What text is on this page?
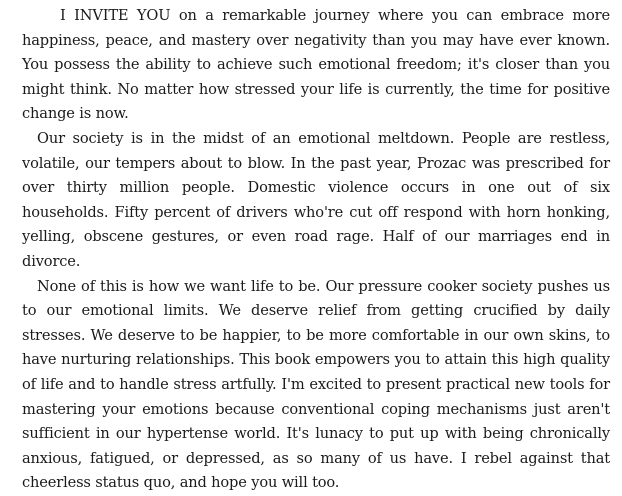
I INVITE YOU on a remarkable journey where you can embrace more happiness, peace, and mastery over negativity than you may have ever known. You possess the ability to achieve such emotional freedom; it's closer than you might think. No matter how stressed your life is currently, the time for positive change is now.

Our society is in the midst of an emotional meltdown. People are restless, volatile, our tempers about to blow. In the past year, Prozac was prescribed for over thirty million people. Domestic violence occurs in one out of six households. Fifty percent of drivers who're cut off respond with horn honking, yelling, obscene gestures, or even road rage. Half of our marriages end in divorce.

None of this is how we want life to be. Our pressure cooker society pushes us to our emotional limits. We deserve relief from getting crucified by daily stresses. We deserve to be happier, to be more comfortable in our own skins, to have nurturing relationships. This book empowers you to attain this high quality of life and to handle stress artfully. I'm excited to present practical new tools for mastering your emotions because conventional coping mechanisms just aren't sufficient in our hypertense world. It's lunacy to put up with being chronically anxious, fatigued, or depressed, as so many of us have. I rebel against that cheerless status quo, and hope you will too.
